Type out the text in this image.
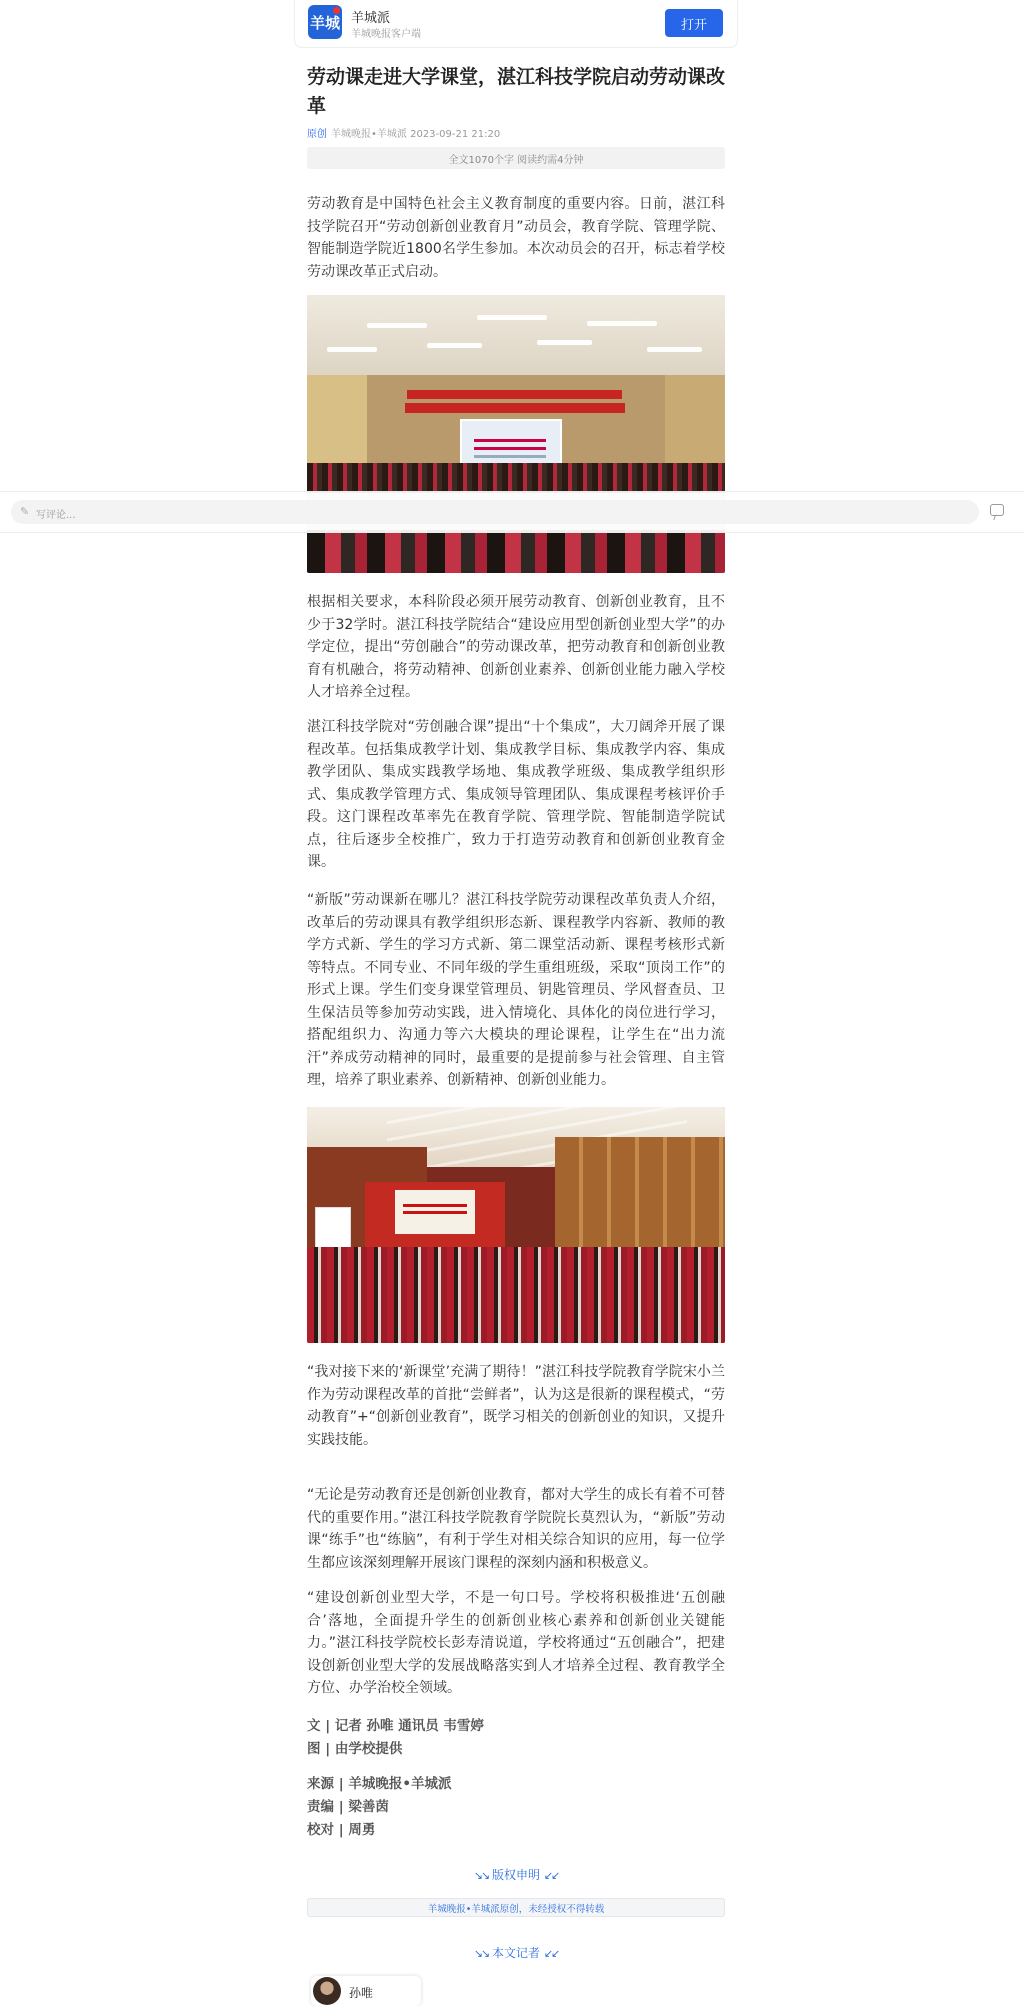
羊城 羊城派
羊城晚报客户端
打开
劳动课走进大学课堂，湛江科技学院启动劳动课改革
原创 羊城晚报•羊城派 2023-09-21 21:20
全文1070个字 阅读约需4分钟

劳动教育是中国特色社会主义教育制度的重要内容。日前，湛江科技学院召开“劳动创新创业教育月”动员会，教育学院、管理学院、智能制造学院近1800名学生参加。本次动员会的召开，标志着学校劳动课改革正式启动。

✎ 写评论...

根据相关要求，本科阶段必须开展劳动教育、创新创业教育，且不少于32学时。湛江科技学院结合“建设应用型创新创业型大学”的办学定位，提出“劳创融合”的劳动课改革，把劳动教育和创新创业教育有机融合，将劳动精神、创新创业素养、创新创业能力融入学校人才培养全过程。

湛江科技学院对“劳创融合课”提出“十个集成”，大刀阔斧开展了课程改革。包括集成教学计划、集成教学目标、集成教学内容、集成教学团队、集成实践教学场地、集成教学班级、集成教学组织形式、集成教学管理方式、集成领导管理团队、集成课程考核评价手段。这门课程改革率先在教育学院、管理学院、智能制造学院试点，往后逐步全校推广，致力于打造劳动教育和创新创业教育金课。

“新版”劳动课新在哪儿？湛江科技学院劳动课程改革负责人介绍，改革后的劳动课具有教学组织形态新、课程教学内容新、教师的教学方式新、学生的学习方式新、第二课堂活动新、课程考核形式新等特点。不同专业、不同年级的学生重组班级，采取“顶岗工作”的形式上课。学生们变身课堂管理员、钥匙管理员、学风督查员、卫生保洁员等参加劳动实践，进入情境化、具体化的岗位进行学习，搭配组织力、沟通力等六大模块的理论课程，让学生在“出力流汗”养成劳动精神的同时，最重要的是提前参与社会管理、自主管理，培养了职业素养、创新精神、创新创业能力。

“我对接下来的‘新课堂’充满了期待！”湛江科技学院教育学院宋小兰作为劳动课程改革的首批“尝鲜者”，认为这是很新的课程模式，“劳动教育”+“创新创业教育”，既学习相关的创新创业的知识，又提升实践技能。

“无论是劳动教育还是创新创业教育，都对大学生的成长有着不可替代的重要作用。”湛江科技学院教育学院院长莫烈认为，“新版”劳动课“练手”也“练脑”，有利于学生对相关综合知识的应用，每一位学生都应该深刻理解开展该门课程的深刻内涵和积极意义。

“建设创新创业型大学，不是一句口号。学校将积极推进‘五创融合’落地，全面提升学生的创新创业核心素养和创新创业关键能力。”湛江科技学院校长彭寿清说道，学校将通过“五创融合”，把建设创新创业型大学的发展战略落实到人才培养全过程、教育教学全方位、办学治校全领域。

文 | 记者 孙唯 通讯员 韦雪婷
图 | 由学校提供
来源 | 羊城晚报•羊城派
责编 | 梁善茵
校对 | 周勇
↘↘ 版权申明 ↙↙
羊城晚报•羊城派原创，未经授权不得转载
↘↘ 本文记者 ↙↙
孙唯
